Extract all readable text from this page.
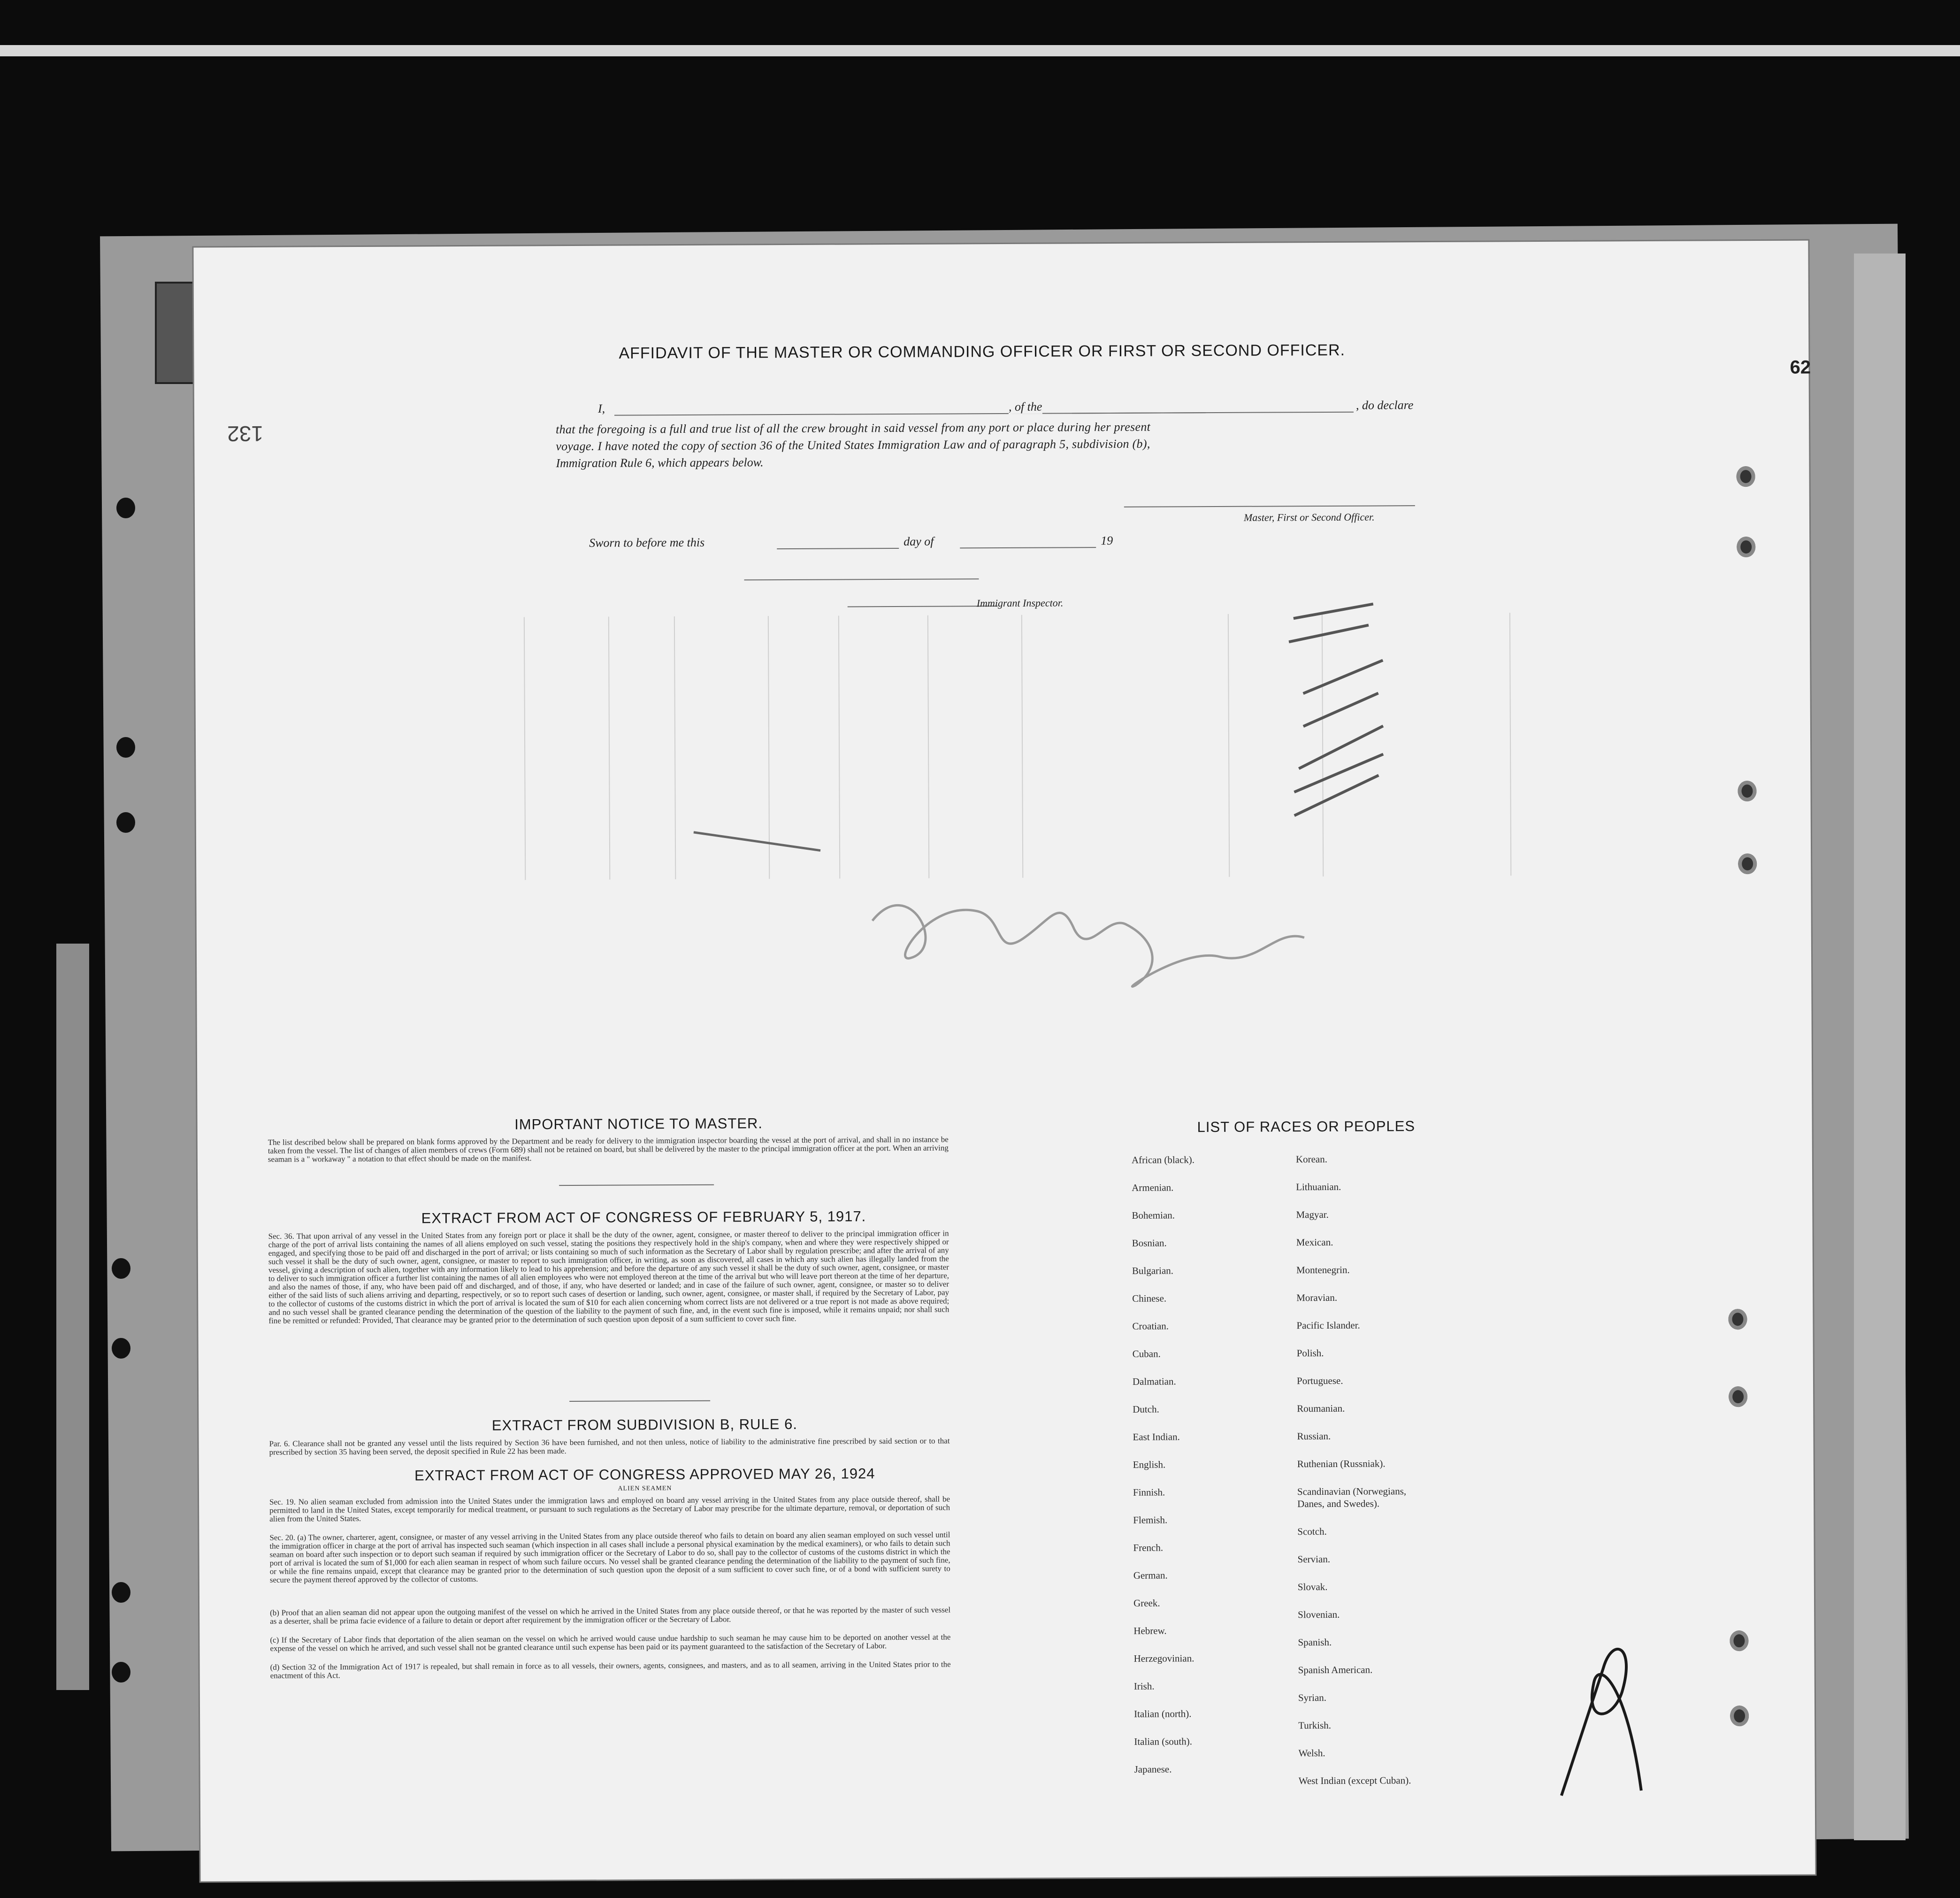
62
132
AFFIDAVIT OF THE MASTER OR COMMANDING OFFICER OR FIRST OR SECOND OFFICER.
I,	, of the	, do declare
that the foregoing is a full and true list of all the crew brought in said vessel from any port or place during her present
voyage. I have noted the copy of section 36 of the United States Immigration Law and of paragraph 5, subdivision (b),
Immigration Rule 6, which appears below.
Master, First or Second Officer.
Sworn to before me this	day of	19
Immigrant Inspector.
IMPORTANT NOTICE TO MASTER.
The list described below shall be prepared on blank forms approved by the Department and be ready for delivery to the immigration inspector boarding the vessel at the port of arrival, and shall in no instance be taken from the vessel. The list of changes of alien members of crews (Form 689) shall not be retained on board, but shall be delivered by the master to the principal immigration officer at the port. When an arriving seaman is a " workaway " a notation to that effect should be made on the manifest.
EXTRACT FROM ACT OF CONGRESS OF FEBRUARY 5, 1917.
Sec. 36. That upon arrival of any vessel in the United States from any foreign port or place it shall be the duty of the owner, agent, consignee, or master thereof to deliver to the principal immigration officer in charge of the port of arrival lists containing the names of all aliens employed on such vessel, stating the positions they respectively hold in the ship's company, when and where they were respectively shipped or engaged, and specifying those to be paid off and discharged in the port of arrival; or lists containing so much of such information as the Secretary of Labor shall by regulation prescribe; and after the arrival of any such vessel it shall be the duty of such owner, agent, consignee, or master to report to such immigration officer, in writing, as soon as discovered, all cases in which any such alien has illegally landed from the vessel, giving a description of such alien, together with any information likely to lead to his apprehension; and before the departure of any such vessel it shall be the duty of such owner, agent, consignee, or master to deliver to such immigration officer a further list containing the names of all alien employees who were not employed thereon at the time of the arrival but who will leave port thereon at the time of her departure, and also the names of those, if any, who have been paid off and discharged, and of those, if any, who have deserted or landed; and in case of the failure of such owner, agent, consignee, or master so to deliver either of the said lists of such aliens arriving and departing, respectively, or so to report such cases of desertion or landing, such owner, agent, consignee, or master shall, if required by the Secretary of Labor, pay to the collector of customs of the customs district in which the port of arrival is located the sum of $10 for each alien concerning whom correct lists are not delivered or a true report is not made as above required; and no such vessel shall be granted clearance pending the determination of the question of the liability to the payment of such fine, and, in the event such fine is imposed, while it remains unpaid; nor shall such fine be remitted or refunded: Provided, That clearance may be granted prior to the determination of such question upon deposit of a sum sufficient to cover such fine.
EXTRACT FROM SUBDIVISION B, RULE 6.
Par. 6. Clearance shall not be granted any vessel until the lists required by Section 36 have been furnished, and not then unless, notice of liability to the administrative fine prescribed by said section or to that prescribed by section 35 having been served, the deposit specified in Rule 22 has been made.
EXTRACT FROM ACT OF CONGRESS APPROVED MAY 26, 1924
ALIEN SEAMEN
Sec. 19. No alien seaman excluded from admission into the United States under the immigration laws and employed on board any vessel arriving in the United States from any place outside thereof, shall be permitted to land in the United States, except temporarily for medical treatment, or pursuant to such regulations as the Secretary of Labor may prescribe for the ultimate departure, removal, or deportation of such alien from the United States.
Sec. 20. (a) The owner, charterer, agent, consignee, or master of any vessel arriving in the United States from any place outside thereof who fails to detain on board any alien seaman employed on such vessel until the immigration officer in charge at the port of arrival has inspected such seaman (which inspection in all cases shall include a personal physical examination by the medical examiners), or who fails to detain such seaman on board after such inspection or to deport such seaman if required by such immigration officer or the Secretary of Labor to do so, shall pay to the collector of customs of the customs district in which the port of arrival is located the sum of $1,000 for each alien seaman in respect of whom such failure occurs. No vessel shall be granted clearance pending the determination of the liability to the payment of such fine, or while the fine remains unpaid, except that clearance may be granted prior to the determination of such question upon the deposit of a sum sufficient to cover such fine, or of a bond with sufficient surety to secure the payment thereof approved by the collector of customs.
(b) Proof that an alien seaman did not appear upon the outgoing manifest of the vessel on which he arrived in the United States from any place outside thereof, or that he was reported by the master of such vessel as a deserter, shall be prima facie evidence of a failure to detain or deport after requirement by the immigration officer or the Secretary of Labor.
(c) If the Secretary of Labor finds that deportation of the alien seaman on the vessel on which he arrived would cause undue hardship to such seaman he may cause him to be deported on another vessel at the expense of the vessel on which he arrived, and such vessel shall not be granted clearance until such expense has been paid or its payment guaranteed to the satisfaction of the Secretary of Labor.
(d) Section 32 of the Immigration Act of 1917 is repealed, but shall remain in force as to all vessels, their owners, agents, consignees, and masters, and as to all seamen, arriving in the United States prior to the enactment of this Act.
LIST OF RACES OR PEOPLES
African (black).
Armenian.
Bohemian.
Bosnian.
Bulgarian.
Chinese.
Croatian.
Cuban.
Dalmatian.
Dutch.
East Indian.
English.
Finnish.
Flemish.
French.
German.
Greek.
Hebrew.
Herzegovinian.
Irish.
Italian (north).
Italian (south).
Japanese.
Korean.
Lithuanian.
Magyar.
Mexican.
Montenegrin.
Moravian.
Pacific Islander.
Polish.
Portuguese.
Roumanian.
Russian.
Ruthenian (Russniak).
Scandinavian (Norwegians,
Danes, and Swedes).
Scotch.
Servian.
Slovak.
Slovenian.
Spanish.
Spanish American.
Syrian.
Turkish.
Welsh.
West Indian (except Cuban).
